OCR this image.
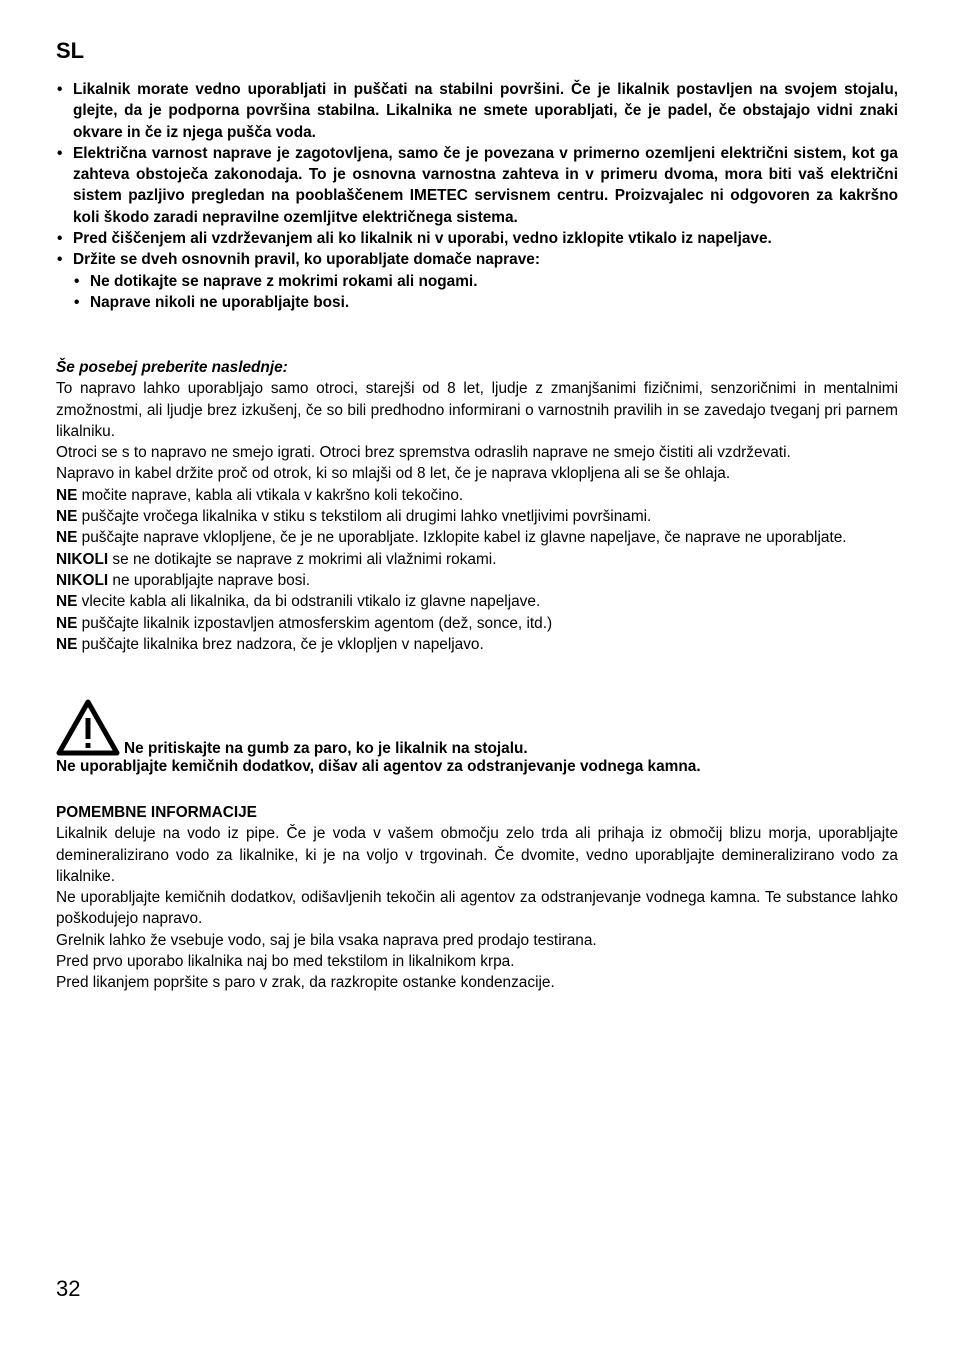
SL
• Likalnik morate vedno uporabljati in puščati na stabilni površini. Če je likalnik postavljen na svojem stojalu, glejte, da je podporna površina stabilna. Likalnika ne smete uporabljati, če je padel, če obstajajo vidni znaki okvare in če iz njega pušča voda.
• Električna varnost naprave je zagotovljena, samo če je povezana v primerno ozemljeni električni sistem, kot ga zahteva obstoječa zakonodaja. To je osnovna varnostna zahteva in v primeru dvoma, mora biti vaš električni sistem pazljivo pregledan na pooblaščenem IMETEC servisnem centru. Proizvajalec ni odgovoren za kakršno koli škodo zaradi nepravilne ozemljitve električnega sistema.
• Pred čiščenjem ali vzdrževanjem ali ko likalnik ni v uporabi, vedno izklopite vtikalo iz napeljave.
• Držite se dveh osnovnih pravil, ko uporabljate domače naprave:
• Ne dotikajte se naprave z mokrimi rokami ali nogami.
• Naprave nikoli ne uporabljajte bosi.

Še posebej preberite naslednje:

To napravo lahko uporabljajo samo otroci, starejši od 8 let, ljudje z zmanjšanimi fizičnimi, senzoričnimi in mentalnimi zmožnostmi, ali ljudje brez izkušenj, če so bili predhodno informirani o varnostnih pravilih in se zavedajo tveganj pri parnem likalniku.

Otroci se s to napravo ne smejo igrati. Otroci brez spremstva odraslih naprave ne smejo čistiti ali vzdrževati.

Napravo in kabel držite proč od otrok, ki so mlajši od 8 let, če je naprava vklopljena ali se še ohlaja.

NE močite naprave, kabla ali vtikala v kakršno koli tekočino.

NE puščajte vročega likalnika v stiku s tekstilom ali drugimi lahko vnetljivimi površinami.

NE puščajte naprave vklopljene, če je ne uporabljate. Izklopite kabel iz glavne napeljave, če naprave ne uporabljate.

NIKOLI se ne dotikajte se naprave z mokrimi ali vlažnimi rokami.

NIKOLI ne uporabljajte naprave bosi.

NE vlecite kabla ali likalnika, da bi odstranili vtikalo iz glavne napeljave.

NE puščajte likalnik izpostavljen atmosferskim agentom (dež, sonce, itd.)

NE puščajte likalnika brez nadzora, če je vklopljen v napeljavo.

Ne pritiskajte na gumb za paro, ko je likalnik na stojalu.
Ne uporabljajte kemičnih dodatkov, dišav ali agentov za odstranjevanje vodnega kamna.

POMEMBNE INFORMACIJE

Likalnik deluje na vodo iz pipe. Če je voda v vašem območju zelo trda ali prihaja iz območij blizu morja, uporabljajte demineralizirano vodo za likalnike, ki je na voljo v trgovinah. Če dvomite, vedno uporabljajte demineralizirano vodo za likalnike.

Ne uporabljajte kemičnih dodatkov, odišavljenih tekočin ali agentov za odstranjevanje vodnega kamna. Te substance lahko poškodujejo napravo.

Grelnik lahko že vsebuje vodo, saj je bila vsaka naprava pred prodajo testirana.

Pred prvo uporabo likalnika naj bo med tekstilom in likalnikom krpa.

Pred likanjem popršite s paro v zrak, da razkropite ostanke kondenzacije.

32
